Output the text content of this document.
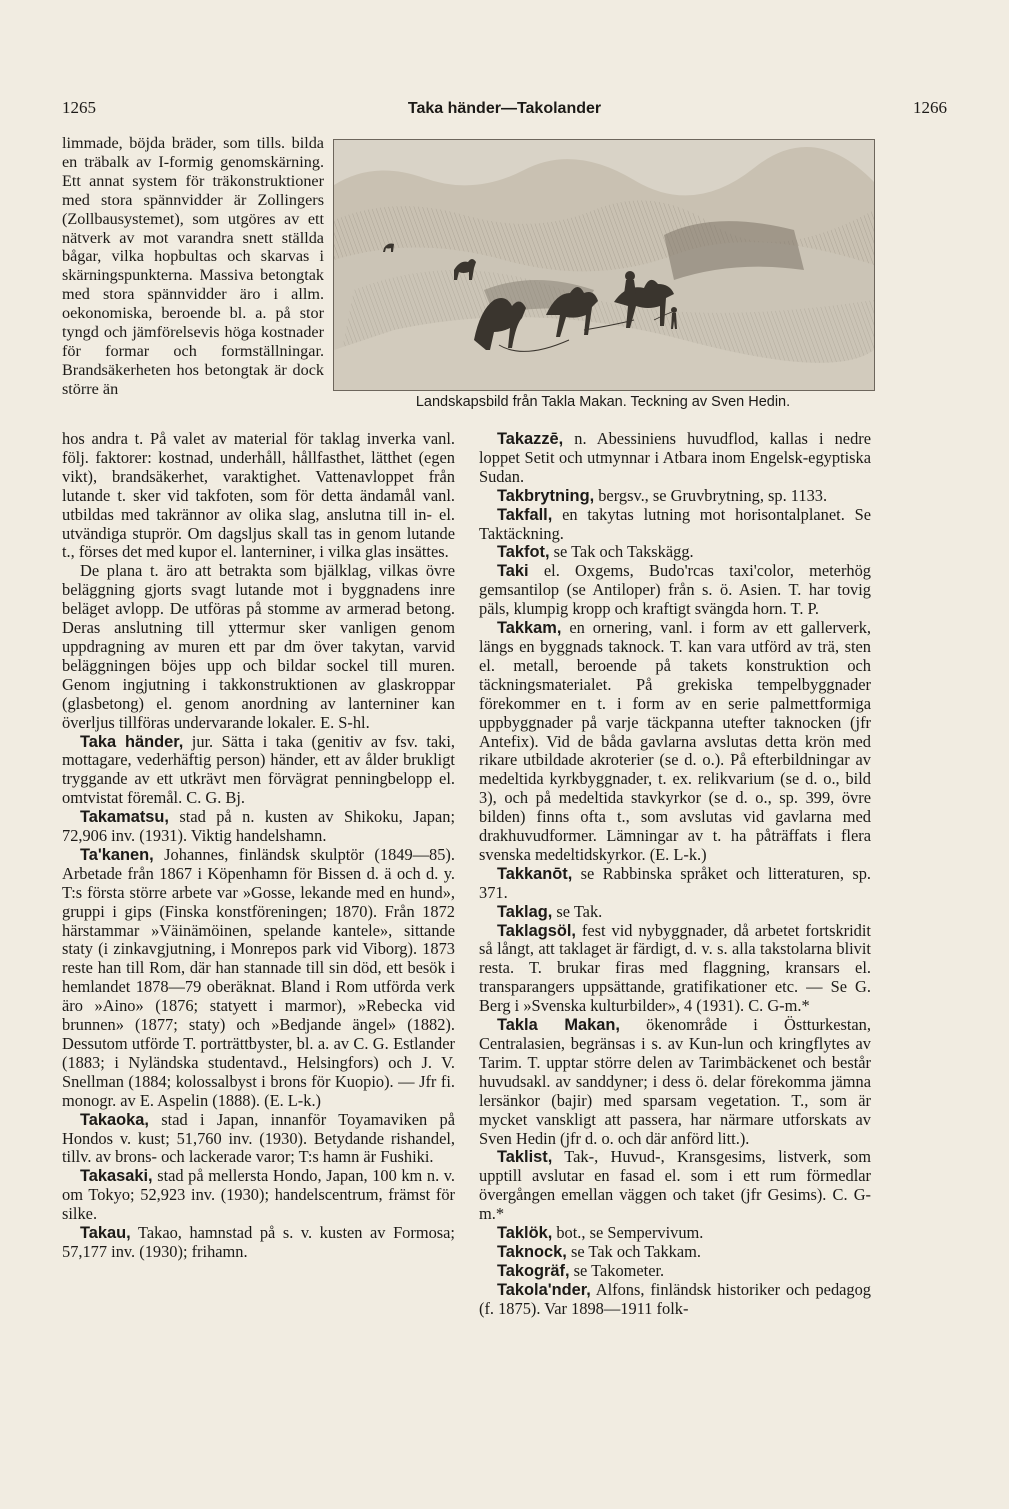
1265	Taka händer—Takolander	1266

limmade, böjda bräder, som tills. bilda en träbalk av I-formig genomskärning. Ett annat system för träkonstruktioner med stora spännvidder är Zollingers (Zollbausystemet), som utgöres av ett nätverk av mot varandra snett ställda bågar, vilka hopbultas och skarvas i skärningspunkterna. Massiva betongtak med stora spännvidder äro i allm. oekonomiska, beroende bl. a. på stor tyngd och jämförelsevis höga kostnader för formar och formställningar. Brandsäkerheten hos betongtak är dock större än

Landskapsbild från Takla Makan. Teckning av Sven Hedin.

hos andra t. På valet av material för taklag inverka vanl. följ. faktorer: kostnad, underhåll, hållfasthet, lätthet (egen vikt), brandsäkerhet, varaktighet. Vattenavloppet från lutande t. sker vid takfoten, som för detta ändamål vanl. utbildas med takrännor av olika slag, anslutna till in- el. utvändiga stuprör. Om dagsljus skall tas in genom lutande t., förses det med kupor el. lanterniner, i vilka glas insättes.

De plana t. äro att betrakta som bjälklag, vilkas övre beläggning gjorts svagt lutande mot i byggnadens inre beläget avlopp. De utföras på stomme av armerad betong. Deras anslutning till yttermur sker vanligen genom uppdragning av muren ett par dm över takytan, varvid beläggningen böjes upp och bildar sockel till muren. Genom ingjutning i takkonstruktionen av glaskroppar (glasbetong) el. genom anordning av lanterniner kan överljus tillföras undervarande lokaler. E. S-hl.

Taka händer, jur. Sätta i taka (genitiv av fsv. taki, mottagare, vederhäftig person) händer, ett av ålder brukligt tryggande av ett utkrävt men förvägrat penningbelopp el. omtvistat föremål. C. G. Bj.

Takamatsu, stad på n. kusten av Shikoku, Japan; 72,906 inv. (1931). Viktig handelshamn.

Ta'kanen, Johannes, finländsk skulptör (1849—85). Arbetade från 1867 i Köpenhamn för Bissen d. ä och d. y. T:s första större arbete var »Gosse, lekande med en hund», gruppi i gips (Finska konstföreningen; 1870). Från 1872 härstammar »Väinämöinen, spelande kantele», sittande staty (i zinkavgjutning, i Monrepos park vid Viborg). 1873 reste han till Rom, där han stannade till sin död, ett besök i hemlandet 1878—79 oberäknat. Bland i Rom utförda verk äro »Aino» (1876; statyett i marmor), »Rebecka vid brunnen» (1877; staty) och »Bedjande ängel» (1882). Dessutom utförde T. porträttbyster, bl. a. av C. G. Estlander (1883; i Nyländska studentavd., Helsingfors) och J. V. Snellman (1884; kolossalbyst i brons för Kuopio). — Jfr fi. monogr. av E. Aspelin (1888). (E. L-k.)

Takaoka, stad i Japan, innanför Toyamaviken på Hondos v. kust; 51,760 inv. (1930). Betydande rishandel, tillv. av brons- och lackerade varor; T:s hamn är Fushiki.

Takasaki, stad på mellersta Hondo, Japan, 100 km n. v. om Tokyo; 52,923 inv. (1930); handelscentrum, främst för silke.

Takau, Takao, hamnstad på s. v. kusten av Formosa; 57,177 inv. (1930); frihamn.

Takazzē, n. Abessiniens huvudflod, kallas i nedre loppet Setit och utmynnar i Atbara inom Engelsk-egyptiska Sudan.

Takbrytning, bergsv., se Gruvbrytning, sp. 1133.

Takfall, en takytas lutning mot horisontalplanet. Se Taktäckning.

Takfot, se Tak och Takskägg.

Taki el. Oxgems, Budo'rcas taxi'color, meterhög gemsantilop (se Antiloper) från s. ö. Asien. T. har tovig päls, klumpig kropp och kraftigt svängda horn. T. P.

Takkam, en ornering, vanl. i form av ett gallerverk, längs en byggnads taknock. T. kan vara utförd av trä, sten el. metall, beroende på takets konstruktion och täckningsmaterialet. På grekiska tempelbyggnader förekommer en t. i form av en serie palmettformiga uppbyggnader på varje täckpanna utefter taknocken (jfr Antefix). Vid de båda gavlarna avslutas detta krön med rikare utbildade akroterier (se d. o.). På efterbildningar av medeltida kyrkbyggnader, t. ex. relikvarium (se d. o., bild 3), och på medeltida stavkyrkor (se d. o., sp. 399, övre bilden) finns ofta t., som avslutas vid gavlarna med drakhuvudformer. Lämningar av t. ha påträffats i flera svenska medeltidskyrkor. (E. L-k.)

Takkanōt, se Rabbinska språket och litteraturen, sp. 371.

Taklag, se Tak.

Taklagsöl, fest vid nybyggnader, då arbetet fortskridit så långt, att taklaget är färdigt, d. v. s. alla takstolarna blivit resta. T. brukar firas med flaggning, kransars el. transparangers uppsättande, gratifikationer etc. — Se G. Berg i »Svenska kulturbilder», 4 (1931). C. G-m.*

Takla Makan, ökenområde i Östturkestan, Centralasien, begränsas i s. av Kun-lun och kringflytes av Tarim. T. upptar större delen av Tarimbäckenet och består huvudsakl. av sanddyner; i dess ö. delar förekomma jämna lersänkor (bajir) med sparsam vegetation. T., som är mycket vanskligt att passera, har närmare utforskats av Sven Hedin (jfr d. o. och där anförd litt.).

Taklist, Tak-, Huvud-, Kransgesims, listverk, som upptill avslutar en fasad el. som i ett rum förmedlar övergången emellan väggen och taket (jfr Gesims). C. G-m.*

Taklök, bot., se Sempervivum.

Taknock, se Tak och Takkam.

Takogräf, se Takometer.

Takola'nder, Alfons, finländsk historiker och pedagog (f. 1875). Var 1898—1911 folk-
